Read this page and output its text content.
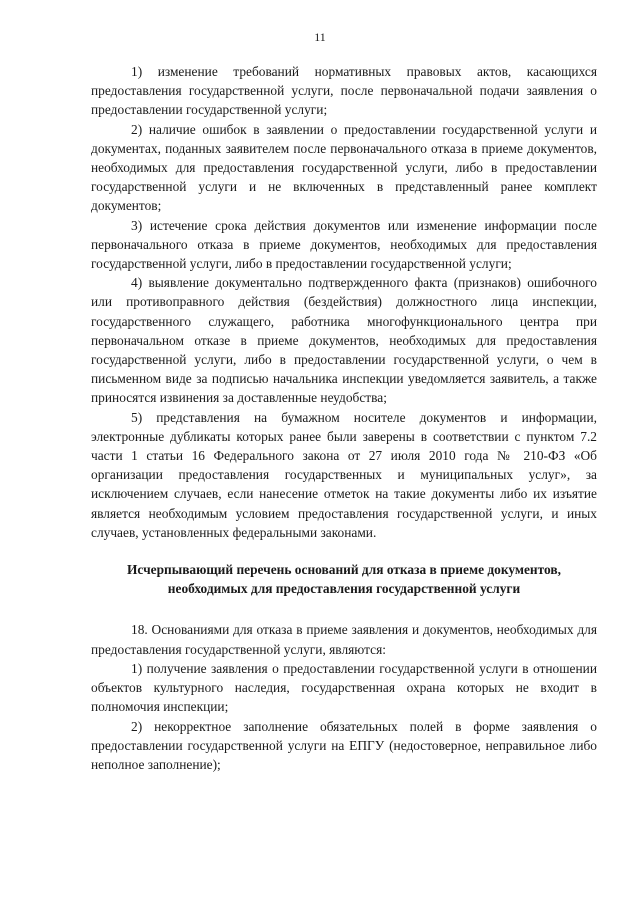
11

1) изменение требований нормативных правовых актов, касающихся предоставления государственной услуги, после первоначальной подачи заявления о предоставлении государственной услуги;

2) наличие ошибок в заявлении о предоставлении государственной услуги и документах, поданных заявителем после первоначального отказа в приеме документов, необходимых для предоставления государственной услуги, либо в предоставлении государственной услуги и не включенных в представленный ранее комплект документов;

3) истечение срока действия документов или изменение информации после первоначального отказа в приеме документов, необходимых для предоставления государственной услуги, либо в предоставлении государственной услуги;

4) выявление документально подтвержденного факта (признаков) ошибочного или противоправного действия (бездействия) должностного лица инспекции, государственного служащего, работника многофункционального центра при первоначальном отказе в приеме документов, необходимых для предоставления государственной услуги, либо в предоставлении государственной услуги, о чем в письменном виде за подписью начальника инспекции уведомляется заявитель, а также приносятся извинения за доставленные неудобства;

5) представления на бумажном носителе документов и информации, электронные дубликаты которых ранее были заверены в соответствии с пунктом 7.2 части 1 статьи 16 Федерального закона от 27 июля 2010 года № 210-ФЗ «Об организации предоставления государственных и муниципальных услуг», за исключением случаев, если нанесение отметок на такие документы либо их изъятие является необходимым условием предоставления государственной услуги, и иных случаев, установленных федеральными законами.

Исчерпывающий перечень оснований для отказа в приеме документов, необходимых для предоставления государственной услуги

18. Основаниями для отказа в приеме заявления и документов, необходимых для предоставления государственной услуги, являются:

1) получение заявления о предоставлении государственной услуги в отношении объектов культурного наследия, государственная охрана которых не входит в полномочия инспекции;

2) некорректное заполнение обязательных полей в форме заявления о предоставлении государственной услуги на ЕПГУ (недостоверное, неправильное либо неполное заполнение);
